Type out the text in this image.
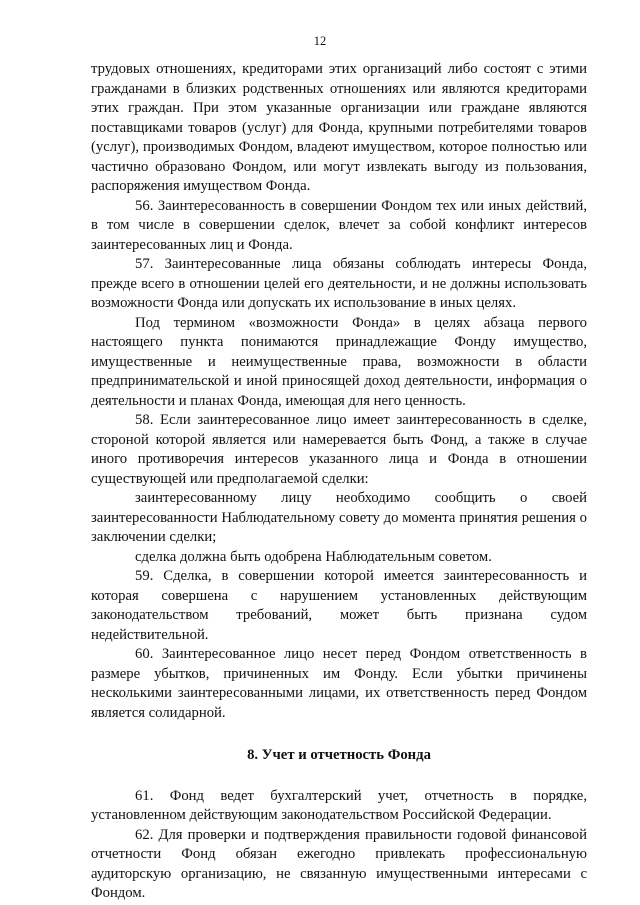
12

трудовых отношениях, кредиторами этих организаций либо состоят с этими гражданами в близких родственных отношениях или являются кредиторами этих граждан. При этом указанные организации или граждане являются поставщиками товаров (услуг) для Фонда, крупными потребителями товаров (услуг), производимых Фондом, владеют имуществом, которое полностью или частично образовано Фондом, или могут извлекать выгоду из пользования, распоряжения имуществом Фонда.

56. Заинтересованность в совершении Фондом тех или иных действий, в том числе в совершении сделок, влечет за собой конфликт интересов заинтересованных лиц и Фонда.

57. Заинтересованные лица обязаны соблюдать интересы Фонда, прежде всего в отношении целей его деятельности, и не должны использовать возможности Фонда или допускать их использование в иных целях.

Под термином «возможности Фонда» в целях абзаца первого настоящего пункта понимаются принадлежащие Фонду имущество, имущественные и неимущественные права, возможности в области предпринимательской и иной приносящей доход деятельности, информация о деятельности и планах Фонда, имеющая для него ценность.

58. Если заинтересованное лицо имеет заинтересованность в сделке, стороной которой является или намеревается быть Фонд, а также в случае иного противоречия интересов указанного лица и Фонда в отношении существующей или предполагаемой сделки:

заинтересованному лицу необходимо сообщить о своей заинтересованности Наблюдательному совету до момента принятия решения о заключении сделки;

сделка должна быть одобрена Наблюдательным советом.

59. Сделка, в совершении которой имеется заинтересованность и которая совершена с нарушением установленных действующим законодательством требований, может быть признана судом недействительной.

60. Заинтересованное лицо несет перед Фондом ответственность в размере убытков, причиненных им Фонду. Если убытки причинены несколькими заинтересованными лицами, их ответственность перед Фондом является солидарной.

8. Учет и отчетность Фонда

61. Фонд ведет бухгалтерский учет, отчетность в порядке, установленном действующим законодательством Российской Федерации.

62. Для проверки и подтверждения правильности годовой финансовой отчетности Фонд обязан ежегодно привлекать профессиональную аудиторскую организацию, не связанную имущественными интересами с Фондом.
